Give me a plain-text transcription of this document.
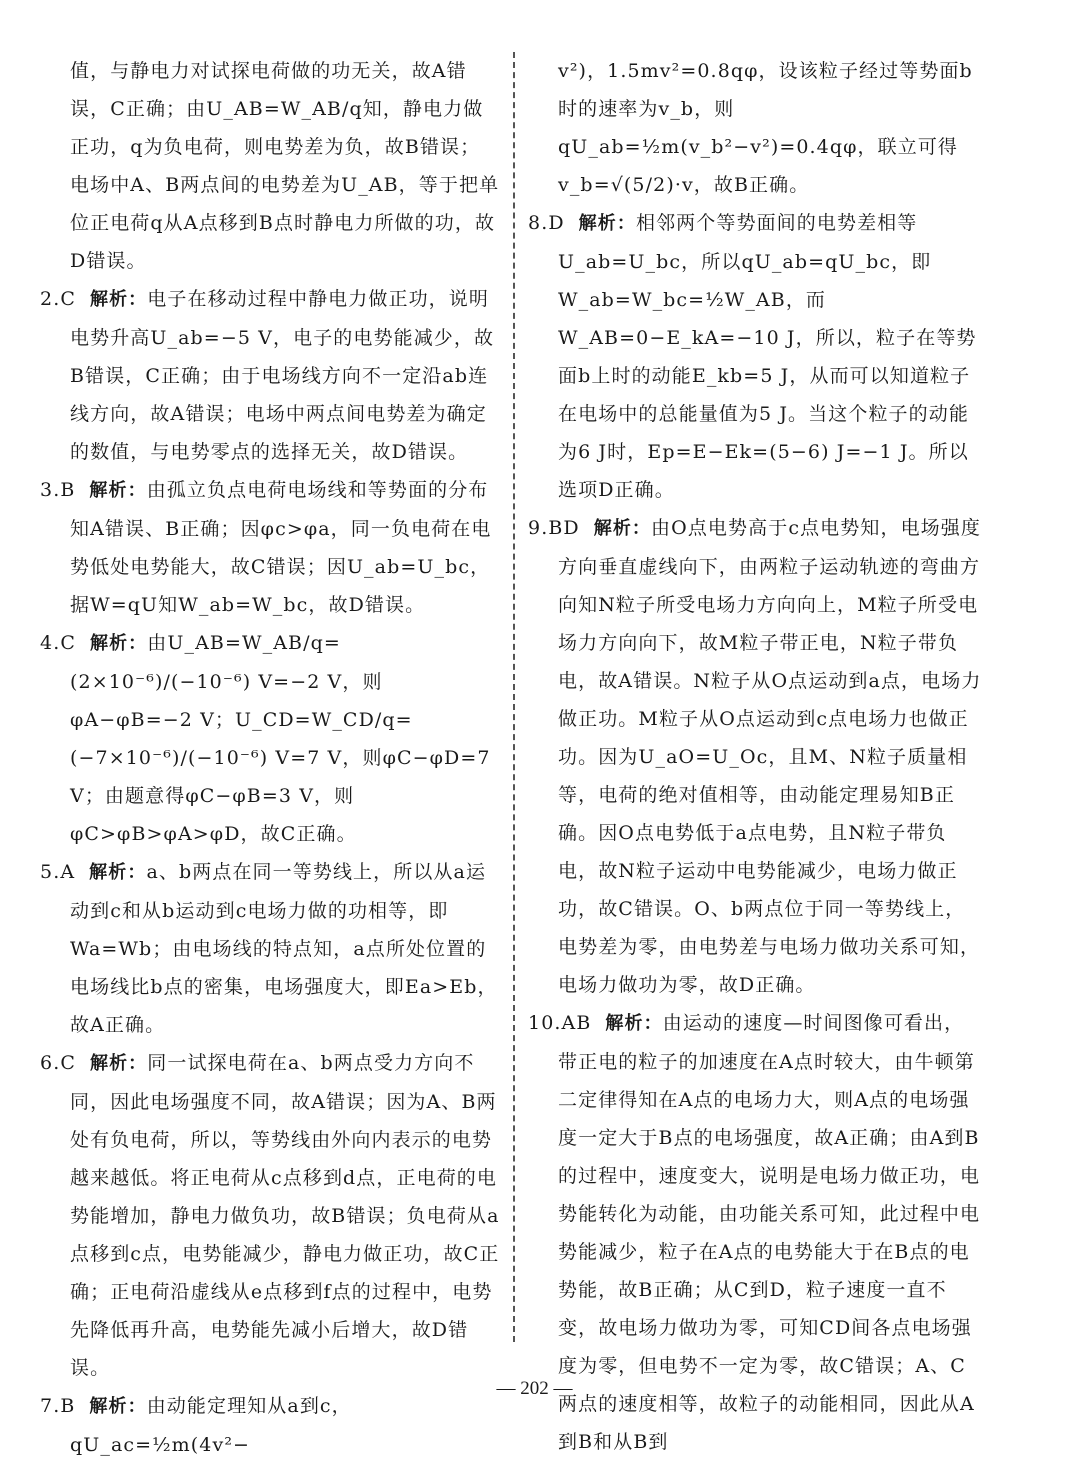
值，与静电力对试探电荷做的功无关，故A错误，C正确；由U_AB=W_AB/q知，静电力做正功，q为负电荷，则电势差为负，故B错误；电场中A、B两点间的电势差为U_AB，等于把单位正电荷q从A点移到B点时静电力所做的功，故D错误。

2.C 解析：电子在移动过程中静电力做正功，说明电势升高U_ab=−5 V，电子的电势能减少，故B错误，C正确；由于电场线方向不一定沿ab连线方向，故A错误；电场中两点间电势差为确定的数值，与电势零点的选择无关，故D错误。

3.B 解析：由孤立负点电荷电场线和等势面的分布知A错误、B正确；因φc>φa，同一负电荷在电势低处电势能大，故C错误；因U_ab=U_bc，据W=qU知W_ab=W_bc，故D错误。

4.C 解析：由U_AB=W_AB/q=(2×10⁻⁶)/(−10⁻⁶) V=−2 V，则φA−φB=−2 V；U_CD=W_CD/q=(−7×10⁻⁶)/(−10⁻⁶) V=7 V，则φC−φD=7 V；由题意得φC−φB=3 V，则φC>φB>φA>φD，故C正确。

5.A 解析：a、b两点在同一等势线上，所以从a运动到c和从b运动到c电场力做的功相等，即Wa=Wb；由电场线的特点知，a点所处位置的电场线比b点的密集，电场强度大，即Ea>Eb，故A正确。

6.C 解析：同一试探电荷在a、b两点受力方向不同，因此电场强度不同，故A错误；因为A、B两处有负电荷，所以，等势线由外向内表示的电势越来越低。将正电荷从c点移到d点，正电荷的电势能增加，静电力做负功，故B错误；负电荷从a点移到c点，电势能减少，静电力做正功，故C正确；正电荷沿虚线从e点移到f点的过程中，电势先降低再升高，电势能先减小后增大，故D错误。

7.B 解析：由动能定理知从a到c，qU_ac=½m(4v²−

v²)，1.5mv²=0.8qφ，设该粒子经过等势面b时的速率为v_b，则qU_ab=½m(v_b²−v²)=0.4qφ，联立可得v_b=√(5/2)·v，故B正确。

8.D 解析：相邻两个等势面间的电势差相等U_ab=U_bc，所以qU_ab=qU_bc，即W_ab=W_bc=½W_AB，而W_AB=0−E_kA=−10 J，所以，粒子在等势面b上时的动能E_kb=5 J，从而可以知道粒子在电场中的总能量值为5 J。当这个粒子的动能为6 J时，Ep=E−Ek=(5−6) J=−1 J。所以选项D正确。

9.BD 解析：由O点电势高于c点电势知，电场强度方向垂直虚线向下，由两粒子运动轨迹的弯曲方向知N粒子所受电场力方向向上，M粒子所受电场力方向向下，故M粒子带正电，N粒子带负电，故A错误。N粒子从O点运动到a点，电场力做正功。M粒子从O点运动到c点电场力也做正功。因为U_aO=U_Oc，且M、N粒子质量相等，电荷的绝对值相等，由动能定理易知B正确。因O点电势低于a点电势，且N粒子带负电，故N粒子运动中电势能减少，电场力做正功，故C错误。O、b两点位于同一等势线上，电势差为零，由电势差与电场力做功关系可知，电场力做功为零，故D正确。

10.AB 解析：由运动的速度—时间图像可看出，带正电的粒子的加速度在A点时较大，由牛顿第二定律得知在A点的电场力大，则A点的电场强度一定大于B点的电场强度，故A正确；由A到B的过程中，速度变大，说明是电场力做正功，电势能转化为动能，由功能关系可知，此过程中电势能减少，粒子在A点的电势能大于在B点的电势能，故B正确；从C到D，粒子速度一直不变，故电场力做功为零，可知CD间各点电场强度为零，但电势不一定为零，故C错误；A、C两点的速度相等，故粒子的动能相同，因此从A到B和从B到

— 202 —
